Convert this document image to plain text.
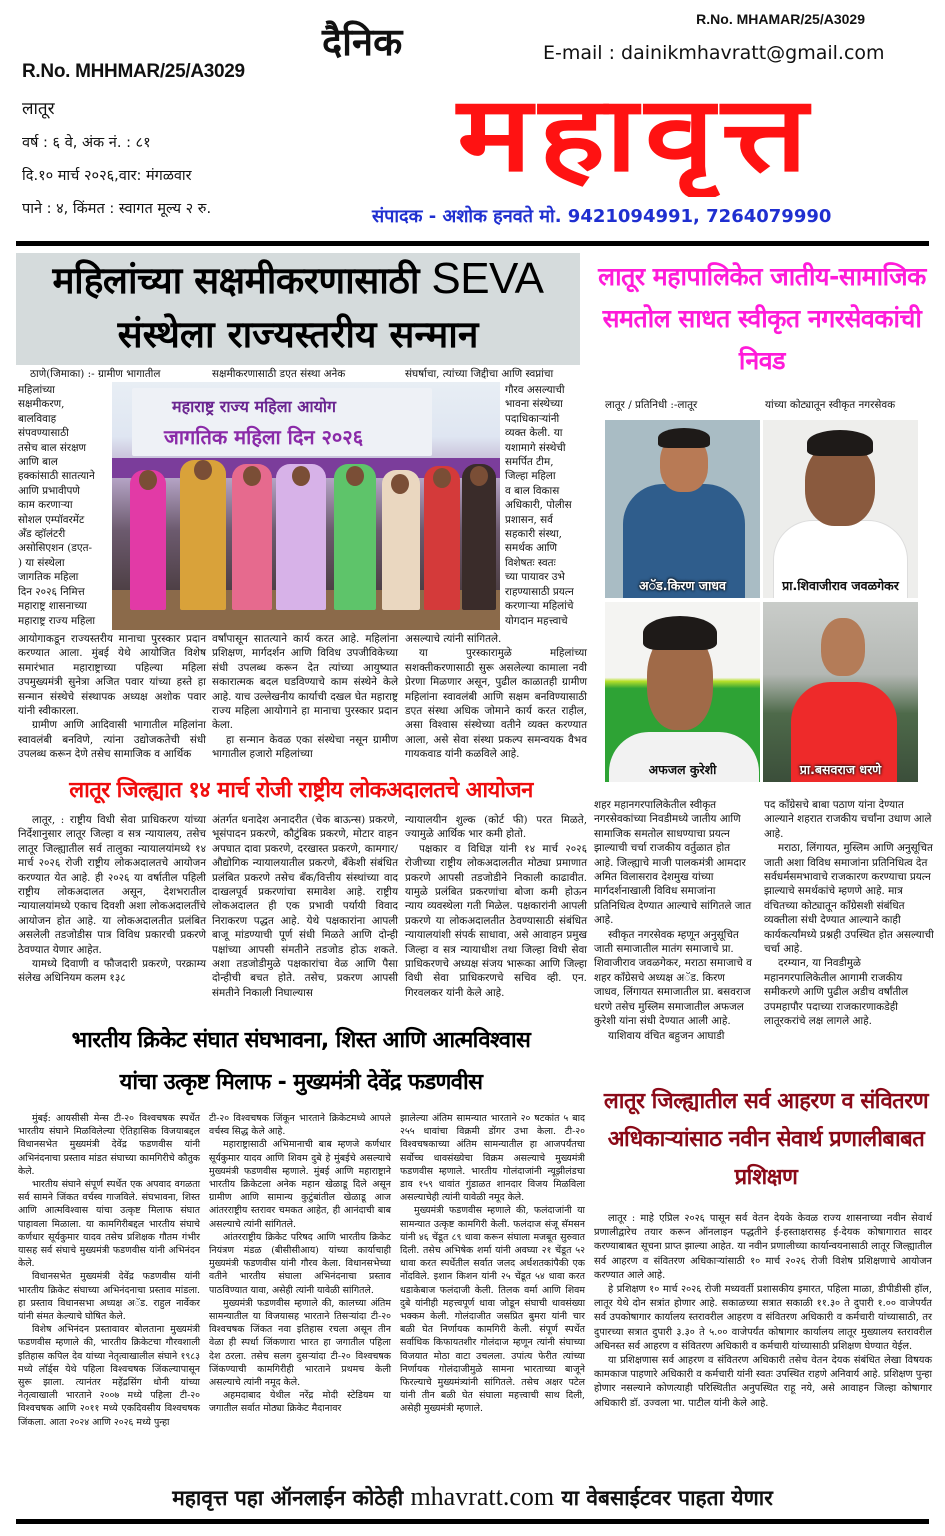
R.No. MHAMAR/25/A3029
R.No. MHHMAR/25/A3029
लातूर
वर्ष : ६ वे, अंक नं. : ८१
दि.१० मार्च २०२६,वार: मंगळवार
पाने : ४, किंमत : स्वागत मूल्य २ रु.
दैनिक	E-mail : dainikmhavratt@gmail.com
महावृत्त
संपादक - अशोक हनवते मो. 9421094991, 7264079990
महिलांच्या सक्षमीकरणासाठी SEVA
संस्थेला राज्यस्तरीय सन्मान
ठाणे(जिमाका) :- ग्रामीण भागातील	सक्षमीकरणासाठी डएत संस्था अनेक	संघर्षाचा, त्यांच्या जिद्दीचा आणि स्वप्नांचा
महिलांच्या
सक्षमीकरण,
बालविवाह
संपवण्यासाठी
तसेच बाल संरक्षण
आणि बाल
हक्कांसाठी सातत्याने
आणि प्रभावीपणे
काम करणाऱ्या
सोशल एम्पॉवरमेंट
अँड व्हॉलंटरी
असोसिएशन (डएत-
) या संस्थेला
जागतिक महिला
दिन २०२६ निमित्त
महाराष्ट्र शासनाच्या
महाराष्ट्र राज्य महिला
गौरव असल्याची
भावना संस्थेच्या
पदाधिकाऱ्यांनी
व्यक्त केली. या
यशामागे संस्थेची
समर्पित टीम,
जिल्हा महिला
व बाल विकास
अधिकारी, पोलीस
प्रशासन, सर्व
सहकारी संस्था,
समर्थक आणि
विशेषतः स्वतः
च्या पायावर उभे
राहण्यासाठी प्रयत्न
करणाऱ्या महिलांचे
योगदान महत्त्वाचे
महाराष्ट्र राज्य महिला आयोग
जागतिक महिला दिन २०२६
आयोगाकडून राज्यस्तरीय मानाचा पुरस्कार प्रदान करण्यात आला. मुंबई येथे आयोजित विशेष समारंभात महाराष्ट्राच्या पहिल्या महिला उपमुख्यमंत्री सुनेत्रा अजित पवार यांच्या हस्ते हा सन्मान संस्थेचे संस्थापक अध्यक्ष अशोक पवार यांनी स्वीकारला.

ग्रामीण आणि आदिवासी भागातील महिलांना स्वावलंबी बनविणे, त्यांना उद्योजकतेची संधी उपलब्ध करून देणे तसेच सामाजिक व आर्थिक

वर्षांपासून सातत्याने कार्य करत आहे. महिलांना प्रशिक्षण, मार्गदर्शन आणि विविध उपजीविकेच्या संधी उपलब्ध करून देत त्यांच्या आयुष्यात सकारात्मक बदल घडविण्याचे काम संस्थेने केले आहे. याच उल्लेखनीय कार्याची दखल घेत महाराष्ट्र राज्य महिला आयोगाने हा मानाचा पुरस्कार प्रदान केला.

हा सन्मान केवळ एका संस्थेचा नसून ग्रामीण भागातील हजारो महिलांच्या

असल्याचे त्यांनी सांगितले.

या पुरस्कारामुळे महिलांच्या सशक्तीकरणासाठी सुरू असलेल्या कामाला नवी प्रेरणा मिळणार असून, पुढील काळातही ग्रामीण महिलांना स्वावलंबी आणि सक्षम बनविण्यासाठी डएत संस्था अधिक जोमाने कार्य करत राहील, असा विश्वास संस्थेच्या वतीने व्यक्त करण्यात आला, असे सेवा संस्था प्रकल्प समन्वयक वैभव गायकवाड यांनी कळविले आहे.

लातूर महापालिकेत जातीय-सामाजिक समतोल साधत स्वीकृत नगरसेवकांची निवड
लातूर / प्रतिनिधी :-लातूर	यांच्या कोट्यातून स्वीकृत नगरसेवक
अॅड.किरण जाधव	प्रा.शिवाजीराव जवळगेकर
अफजल कुरेशी	प्रा.बसवराज धरणे
शहर महानगरपालिकेतील स्वीकृत नगरसेवकांच्या निवडीमध्ये जातीय आणि सामाजिक समतोल साधण्याचा प्रयत्न झाल्याची चर्चा राजकीय वर्तुळात होत आहे. जिल्ह्याचे माजी पालकमंत्री आमदार अमित विलासराव देशमुख यांच्या मार्गदर्शनाखाली विविध समाजांना प्रतिनिधित्व देण्यात आल्याचे सांगितले जात आहे.

स्वीकृत नगरसेवक म्हणून अनुसूचित जाती समाजातील मातंग समाजाचे प्रा. शिवाजीराव जवळगेकर, मराठा समाजाचे व शहर काँग्रेसचे अध्यक्ष अॅड. किरण जाधव, लिंगायत समाजातील प्रा. बसवराज धरणे तसेच मुस्लिम समाजातील अफजल कुरेशी यांना संधी देण्यात आली आहे.

याशिवाय वंचित बहुजन आघाडी

पद काँग्रेसचे बाबा पठाण यांना देण्यात आल्याने शहरात राजकीय चर्चांना उधाण आले आहे.

मराठा, लिंगायत, मुस्लिम आणि अनुसूचित जाती अशा विविध समाजांना प्रतिनिधित्व देत सर्वधर्मसमभावाचे राजकारण करण्याचा प्रयत्न झाल्याचे समर्थकांचे म्हणणे आहे. मात्र वंचितच्या कोट्यातून काँग्रेसशी संबंधित व्यक्तीला संधी देण्यात आल्याने काही कार्यकर्त्यांमध्ये प्रश्नही उपस्थित होत असल्याची चर्चा आहे.

दरम्यान, या निवडीमुळे महानगरपालिकेतील आगामी राजकीय समीकरणे आणि पुढील अडीच वर्षांतील उपमहापौर पदाच्या राजकारणाकडेही लातूरकरांचे लक्ष लागले आहे.

लातूर जिल्ह्यात १४ मार्च रोजी राष्ट्रीय लोकअदालतचे आयोजन

लातूर, : राष्ट्रीय विधी सेवा प्राधिकरण यांच्या निर्देशानुसार लातूर जिल्हा व सत्र न्यायालय, तसेच लातूर जिल्ह्यातील सर्व तालुका न्यायालयांमध्ये १४ मार्च २०२६ रोजी राष्ट्रीय लोकअदालतचे आयोजन करण्यात येत आहे. ही २०२६ या वर्षातील पहिली राष्ट्रीय लोकअदालत असून, देशभरातील न्यायालयांमध्ये एकाच दिवशी अशा लोकअदालतींचे आयोजन होत आहे. या लोकअदालतीत प्रलंबित असलेली तडजोडीस पात्र विविध प्रकारची प्रकरणे ठेवण्यात येणार आहेत.

यामध्ये दिवाणी व फौजदारी प्रकरणे, परक्राम्य संलेख अधिनियम कलम १३८

अंतर्गत धनादेश अनादरीत (चेक बाऊन्स) प्रकरणे, भूसंपादन प्रकरणे, कौटुंबिक प्रकरणे, मोटार वाहन अपघात दावा प्रकरणे, दरखास्त प्रकरणे, कामगार/औद्योगिक न्यायालयातील प्रकरणे, बँकेशी संबंधित प्रलंबित प्रकरणे तसेच बँक/वित्तीय संस्थांच्या वाद दाखलपूर्व प्रकरणांचा समावेश आहे. राष्ट्रीय लोकअदालत ही एक प्रभावी पर्यायी विवाद निराकरण पद्धत आहे. येथे पक्षकारांना आपली बाजू मांडण्याची पूर्ण संधी मिळते आणि दोन्ही पक्षांच्या आपसी संमतीने तडजोड होऊ शकते. अशा तडजोडीमुळे पक्षकारांचा वेळ आणि पैसा दोन्हीची बचत होते. तसेच, प्रकरण आपसी संमतीने निकाली निघाल्यास
न्यायालयीन शुल्क (कोर्ट फी) परत मिळते, ज्यामुळे आर्थिक भार कमी होतो.

पक्षकार व विधिज्ञ यांनी १४ मार्च २०२६ रोजीच्या राष्ट्रीय लोकअदालतीत मोठ्या प्रमाणात प्रकरणे आपसी तडजोडीने निकाली काढावीत. यामुळे प्रलंबित प्रकरणांचा बोजा कमी होऊन न्याय व्यवस्थेला गती मिळेल. पक्षकारांनी आपली प्रकरणे या लोकअदालतीत ठेवण्यासाठी संबंधित न्यायालयांशी संपर्क साधावा, असे आवाहन प्रमुख जिल्हा व सत्र न्यायाधीश तथा जिल्हा विधी सेवा प्राधिकरणचे अध्यक्ष संजय भारूका आणि जिल्हा विधी सेवा प्राधिकरणचे सचिव व्ही. एन. गिरवलकर यांनी केले आहे.

भारतीय क्रिकेट संघात संघभावना, शिस्त आणि आत्मविश्वास
यांचा उत्कृष्ट मिलाफ - मुख्यमंत्री देवेंद्र फडणवीस

मुंबई: आयसीसी मेन्स टी-२० विश्वचषक स्पर्धेत भारतीय संघाने मिळविलेल्या ऐतिहासिक विजयाबद्दल विधानसभेत मुख्यमंत्री देवेंद्र फडणवीस यांनी अभिनंदनाचा प्रस्ताव मांडत संघाच्या कामगिरीचे कौतुक केले.

भारतीय संघाने संपूर्ण स्पर्धेत एक अपवाद वगळता सर्व सामने जिंकत वर्चस्व गाजविले. संघभावना, शिस्त आणि आत्मविश्वास यांचा उत्कृष्ट मिलाफ संघात पाहावला मिळाला. या कामगिरीबद्दल भारतीय संघाचे कर्णधार सूर्यकुमार यादव तसेच प्रशिक्षक गौतम गंभीर यासह सर्व संघाचे मुख्यमंत्री फडणवीस यांनी अभिनंदन केले.

विधानसभेत मुख्यमंत्री देवेंद्र फडणवीस यांनी भारतीय क्रिकेट संघाच्या अभिनंदनाचा प्रस्ताव मांडला. हा प्रस्ताव विधानसभा अध्यक्ष अॅड. राहुल नार्वेकर यांनी संमत केल्याचे घोषित केले.

विशेष अभिनंदन प्रस्तावावर बोलताना मुख्यमंत्री फडणवीस म्हणाले की, भारतीय क्रिकेटचा गौरवशाली इतिहास कपिल देव यांच्या नेतृत्वाखालील संघाने १९८३ मध्ये लॉर्ड्स येथे पहिला विश्वचषक जिंकल्यापासून सुरू झाला. त्यानंतर महेंद्रसिंग धोनी यांच्या नेतृत्वाखाली भारताने २००७ मध्ये पहिला टी-२० विश्वचषक आणि २०११ मध्ये एकदिवसीय विश्वचषक जिंकला. आता २०२४ आणि २०२६ मध्ये पुन्हा

टी-२० विश्वचषक जिंकून भारताने क्रिकेटमध्ये आपले वर्चस्व सिद्ध केले आहे.

महाराष्ट्रासाठी अभिमानाची बाब म्हणजे कर्णधार सूर्यकुमार यादव आणि शिवम दुबे हे मुंबईचे असल्याचे मुख्यमंत्री फडणवीस म्हणाले. मुंबई आणि महाराष्ट्राने भारतीय क्रिकेटला अनेक महान खेळाडू दिले असून ग्रामीण आणि सामान्य कुटुंबांतील खेळाडू आज आंतरराष्ट्रीय स्तरावर चमकत आहेत, ही आनंदाची बाब असल्याचे त्यांनी सांगितले.

आंतरराष्ट्रीय क्रिकेट परिषद आणि भारतीय क्रिकेट नियंत्रण मंडळ (बीसीसीआय) यांच्या कार्याचाही मुख्यमंत्री फडणवीस यांनी गौरव केला. विधानसभेच्या वतीने भारतीय संघाला अभिनंदनाचा प्रस्ताव पाठविण्यात यावा, असेही त्यांनी यावेळी सांगितले.

मुख्यमंत्री फडणवीस म्हणाले की, कालच्या अंतिम सामन्यातील या विजयासह भारताने तिसऱ्यांदा टी-२० विश्वचषक जिंकत नवा इतिहास रचला असून तीन वेळा ही स्पर्धा जिंकणारा भारत हा जगातील पहिला देश ठरला. तसेच सलग दुसऱ्यांदा टी-२० विश्वचषक जिंकण्याची कामगिरीही भारताने प्रथमच केली असल्याचे त्यांनी नमूद केले.

अहमदाबाद येथील नरेंद्र मोदी स्टेडियम या जगातील सर्वात मोठ्या क्रिकेट मैदानावर

झालेल्या अंतिम सामन्यात भारताने २० षटकांत ५ बाद २५५ धावांचा विक्रमी डोंगर उभा केला. टी-२० विश्वचषकाच्या अंतिम सामन्यातील हा आजपर्यंतचा सर्वोच्च धावसंख्येचा विक्रम असल्याचे मुख्यमंत्री फडणवीस म्हणाले. भारतीय गोलंदाजांनी न्यूझीलंडचा डाव १५९ धावांत गुंडाळत शानदार विजय मिळविला असल्याचेही त्यांनी यावेळी नमूद केले.

मुख्यमंत्री फडणवीस म्हणाले की, फलंदाजांनी या सामन्यात उत्कृष्ट कामगिरी केली. फलंदाज संजू सॅमसन यांनी ४६ चेंडूत ८९ धावा करून संघाला मजबूत सुरुवात दिली. तसेच अभिषेक शर्मा यांनी अवघ्या २१ चेंडूत ५२ धावा करत स्पर्धेतील सर्वात जलद अर्धशतकांपैकी एक नोंदविले. इशान किशन यांनी २५ चेंडूत ५४ धावा करत धडाकेबाज फलंदाजी केली. तिलक वर्मा आणि शिवम दुबे यांनीही महत्त्वपूर्ण धावा जोडून संघाची धावसंख्या भक्कम केली. गोलंदाजीत जसप्रित बुमरा यांनी चार बळी घेत निर्णायक कामगिरी केली. संपूर्ण स्पर्धेत सर्वाधिक किफायतशीर गोलंदाज म्हणून त्यांनी संघाच्या विजयात मोठा वाटा उचलला. उपांत्य फेरीत त्यांच्या निर्णायक गोलंदाजीमुळे सामना भारताच्या बाजूने फिरल्याचे मुख्यमंत्र्यांनी सांगितले. तसेच अक्षर पटेल यांनी तीन बळी घेत संघाला महत्त्वाची साथ दिली, असेही मुख्यमंत्री म्हणाले.

लातूर जिल्ह्यातील सर्व आहरण व संवितरण अधिकाऱ्यांसाठ नवीन सेवार्थ प्रणालीबाबत प्रशिक्षण

लातूर : माहे एप्रिल २०२६ पासून सर्व वेतन देयके केवळ राज्य शासनाच्या नवीन सेवार्थ प्रणालीद्वारेच तयार करून ऑनलाइन पद्धतीने ई-हस्ताक्षरासह ई-देयक कोषागारात सादर करण्याबाबत सूचना प्राप्त झाल्या आहेत. या नवीन प्रणालीच्या कार्यान्वयनासाठी लातूर जिल्ह्यातील सर्व आहरण व संवितरण अधिकाऱ्यांसाठी १० मार्च २०२६ रोजी विशेष प्रशिक्षणाचे आयोजन करण्यात आले आहे.

हे प्रशिक्षण १० मार्च २०२६ रोजी मध्यवर्ती प्रशासकीय इमारत, पहिला माळा, डीपीडीसी हॉल, लातूर येथे दोन सत्रांत होणार आहे. सकाळच्या सत्रात सकाळी ११.३० ते दुपारी १.०० वाजेपर्यंत सर्व उपकोषागार कार्यालय स्तरावरील आहरण व संवितरण अधिकारी व कर्मचारी यांच्यासाठी, तर दुपारच्या सत्रात दुपारी ३.३० ते ५.०० वाजेपर्यंत कोषागार कार्यालय लातूर मुख्यालय स्तरावरील अधिनस्त सर्व आहरण व संवितरण अधिकारी व कर्मचारी यांच्यासाठी प्रशिक्षण घेण्यात येईल.

या प्रशिक्षणास सर्व आहरण व संवितरण अधिकारी तसेच वेतन देयक संबंधित लेखा विषयक कामकाज पाहणारे अधिकारी व कर्मचारी यांनी स्वतः उपस्थित राहणे अनिवार्य आहे. प्रशिक्षण पुन्हा होणार नसल्याने कोणत्याही परिस्थितीत अनुपस्थित राहू नये, असे आवाहन जिल्हा कोषागार अधिकारी डॉ. उज्वला भा. पाटील यांनी केले आहे.

महावृत्त पहा ऑनलाईन कोठेही mhavratt.com या वेबसाईटवर पाहता येणार
